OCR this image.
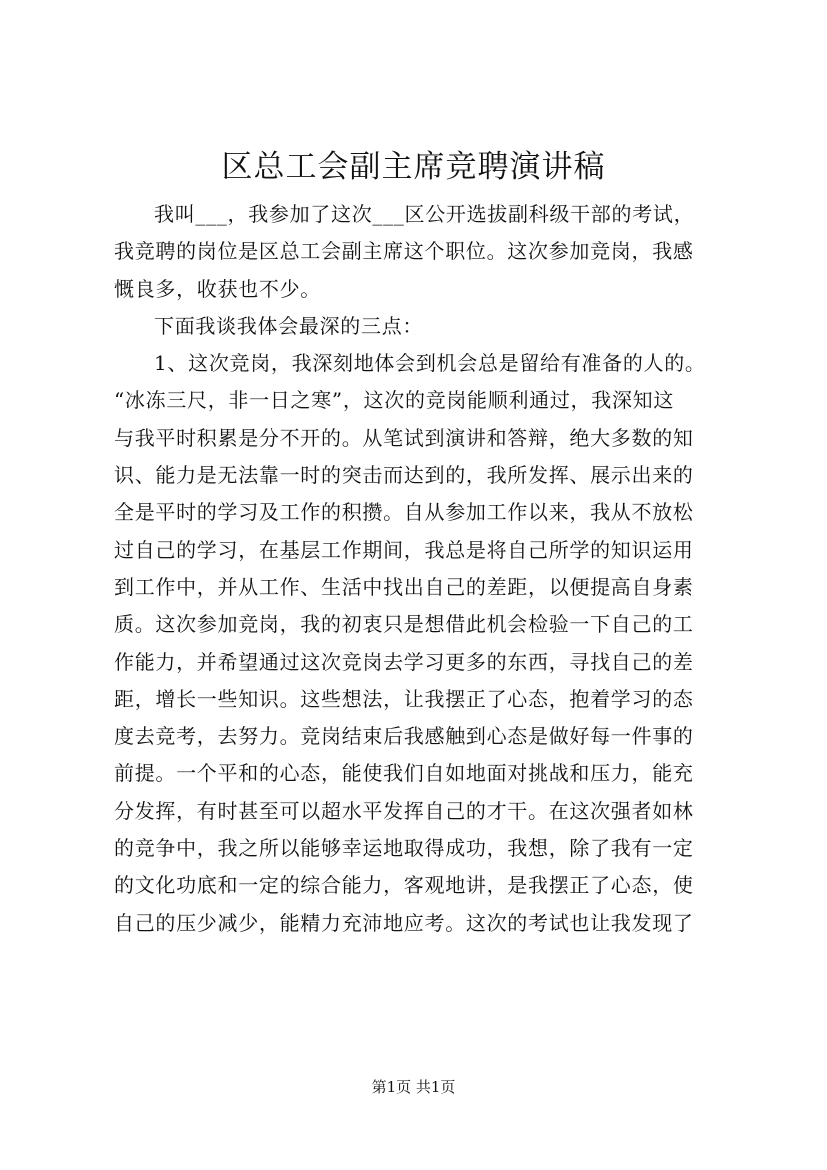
区总工会副主席竞聘演讲稿
我叫___，我参加了这次___区公开选拔副科级干部的考试，
我竞聘的岗位是区总工会副主席这个职位。这次参加竞岗，我感
慨良多，收获也不少。
下面我谈我体会最深的三点：
1、这次竞岗，我深刻地体会到机会总是留给有准备的人的。
“冰冻三尺，非一日之寒”，这次的竞岗能顺利通过，我深知这
与我平时积累是分不开的。从笔试到演讲和答辩，绝大多数的知
识、能力是无法靠一时的突击而达到的，我所发挥、展示出来的
全是平时的学习及工作的积攒。自从参加工作以来，我从不放松
过自己的学习，在基层工作期间，我总是将自己所学的知识运用
到工作中，并从工作、生活中找出自己的差距，以便提高自身素
质。这次参加竞岗，我的初衷只是想借此机会检验一下自己的工
作能力，并希望通过这次竞岗去学习更多的东西，寻找自己的差
距，增长一些知识。这些想法，让我摆正了心态，抱着学习的态
度去竞考，去努力。竞岗结束后我感触到心态是做好每一件事的
前提。一个平和的心态，能使我们自如地面对挑战和压力，能充
分发挥，有时甚至可以超水平发挥自己的才干。在这次强者如林
的竞争中，我之所以能够幸运地取得成功，我想，除了我有一定
的文化功底和一定的综合能力，客观地讲，是我摆正了心态，使
自己的压少减少，能精力充沛地应考。这次的考试也让我发现了
第1页 共1页
